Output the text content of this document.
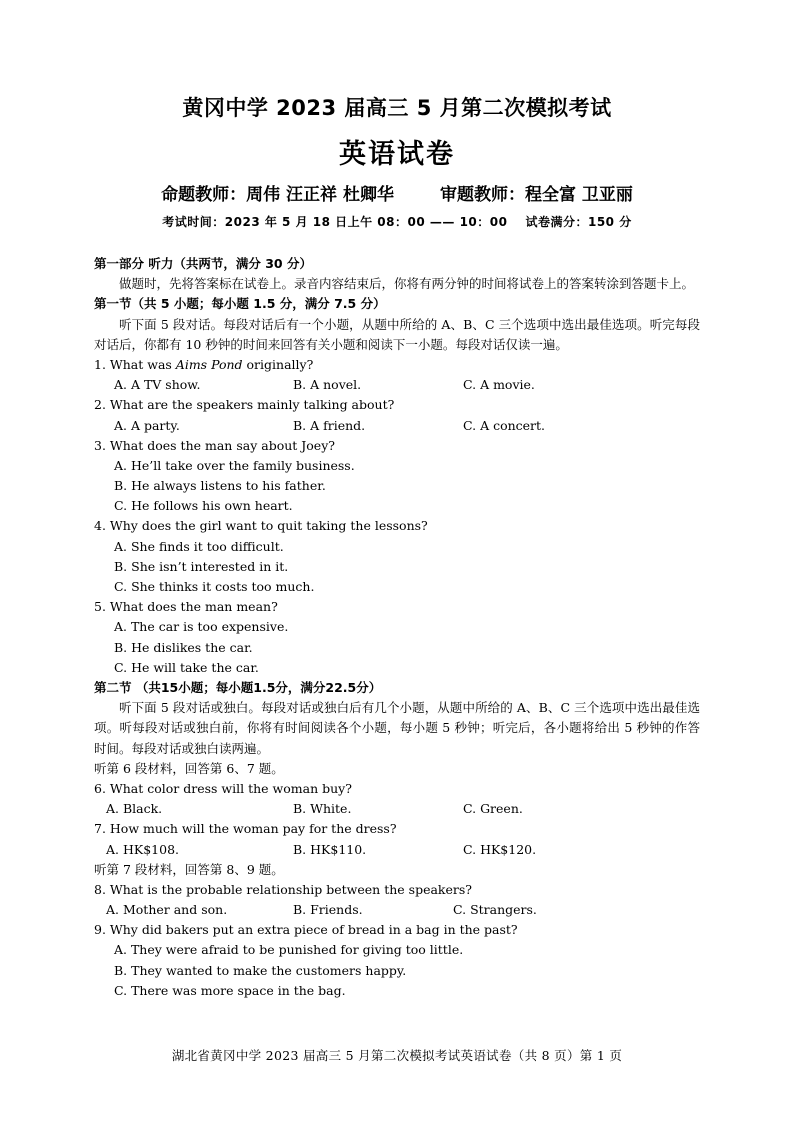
黄冈中学 2023 届高三 5 月第二次模拟考试
英语试卷
命题教师：周伟 汪正祥 杜卿华	审题教师：程全富 卫亚丽
考试时间：2023 年 5 月 18 日上午 08：00 —— 10：00 试卷满分：150 分
第一部分 听力（共两节，满分 30 分）
做题时，先将答案标在试卷上。录音内容结束后，你将有两分钟的时间将试卷上的答案转涂到答题卡上。
第一节（共 5 小题；每小题 1.5 分，满分 7.5 分）
听下面 5 段对话。每段对话后有一个小题，从题中所给的 A、B、C 三个选项中选出最佳选项。听完每段对话后，你都有 10 秒钟的时间来回答有关小题和阅读下一小题。每段对话仅读一遍。
1. What was Aims Pond originally?
A. A TV show.	B. A novel.	C. A movie.
2. What are the speakers mainly talking about?
A. A party.	B. A friend.	C. A concert.
3. What does the man say about Joey?
A. He’ll take over the family business.
B. He always listens to his father.
C. He follows his own heart.
4. Why does the girl want to quit taking the lessons?
A. She finds it too difficult.
B. She isn’t interested in it.
C. She thinks it costs too much.
5. What does the man mean?
A. The car is too expensive.
B. He dislikes the car.
C. He will take the car.
第二节 （共15小题；每小题1.5分，满分22.5分）
听下面 5 段对话或独白。每段对话或独白后有几个小题，从题中所给的 A、B、C 三个选项中选出最佳选项。听每段对话或独白前，你将有时间阅读各个小题，每小题 5 秒钟；听完后，各小题将给出 5 秒钟的作答时间。每段对话或独白读两遍。
听第 6 段材料，回答第 6、7 题。
6. What color dress will the woman buy?
A. Black.	B. White.	C. Green.
7. How much will the woman pay for the dress?
A. HK$108.	B. HK$110.	C. HK$120.
听第 7 段材料，回答第 8、9 题。
8. What is the probable relationship between the speakers?
A. Mother and son.	B. Friends.	C. Strangers.
9. Why did bakers put an extra piece of bread in a bag in the past?
A. They were afraid to be punished for giving too little.
B. They wanted to make the customers happy.
C. There was more space in the bag.
湖北省黄冈中学 2023 届高三 5 月第二次模拟考试英语试卷（共 8 页）第 1 页
